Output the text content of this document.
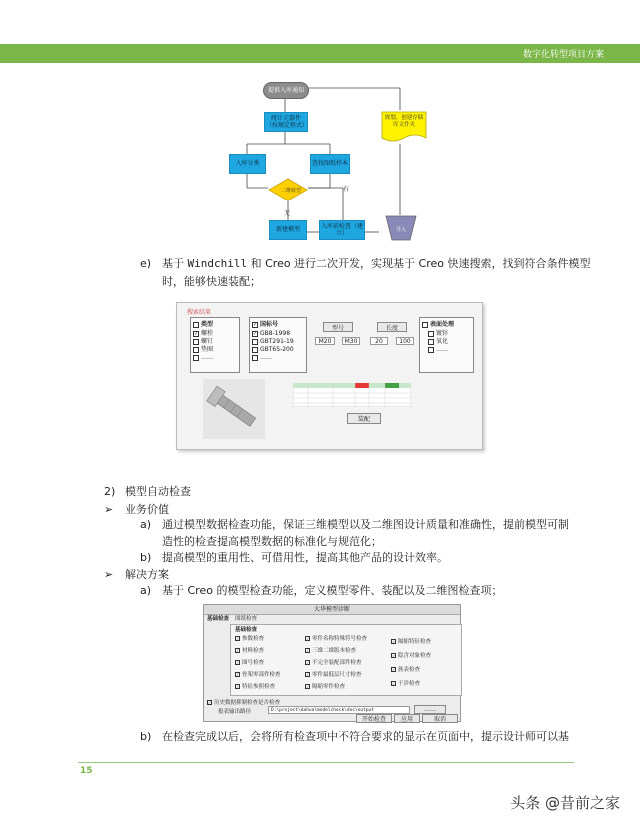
数字化转型项目方案
提供入库通知
统计元器件（按规定格式）
入库分类	查找图纸样本
二维转型	有
无
新建模型
入库前检查（建立）
规划、创建存储库文件夹
导入
e) 基于 Windchill 和 Creo 进行二次开发，实现基于 Creo 快速搜索，找到符合条件模型
时，能够快速装配；
搜索结果
类型
✓ 螺栓
螺钉
垫圈
……
✓ 国标号
✓ GB8-1998
GBT291-19
GBT65-200
……
型号	长度
M20	M30	20	100
表面处理
镀锌
氧化
……
装配
2) 模型自动检查
➢ 业务价值
a) 通过模型数据检查功能，保证三维模型以及二维图设计质量和准确性，提前模型可制
造性的检查提高模型数据的标准化与规范化；
b) 提高模型的重用性、可借用性，提高其他产品的设计效率。
➢ 解决方案
a) 基于 Creo 的模型检查功能，定义模型零件、装配以及二维图检查项；
大华模型诊断
基础检查 图纸检查
基础检查
✓ 参数检查
✓ 材料检查
✓ 图号检查
✓ 骨架零部件检查
✓ 特征参照检查
✓ 零件名称特殊符号检查
✓ 三维二维版本检查
✓ 不完全装配部件检查
✓ 零件最低层尺寸检查
✓ 隔缩零件检查
✓ 隔缩特征检查
✓ 隐含对象检查
✓ 族表检查
✓ 干涉检查
✓ 历史数据抑制检查是否检查
报表输出路径	D:\project\dahua\modelcheck\doc\output	……
开始检查	应用	取消
b) 在检查完成以后，会将所有检查项中不符合要求的显示在页面中，提示设计师可以基
15
头条 @昔前之家
